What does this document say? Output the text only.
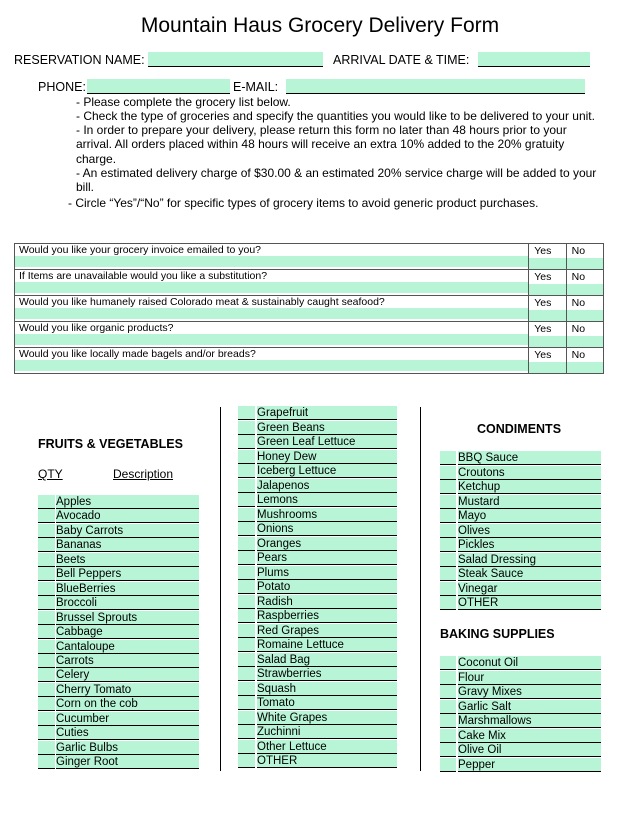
Mountain Haus Grocery Delivery Form
RESERVATION NAME:	ARRIVAL DATE & TIME:
PHONE:	E-MAIL:
- Please complete the grocery list below.
- Check the type of groceries and specify the quantities you would like to be delivered to your unit.
- In order to prepare your delivery, please return this form no later than 48 hours prior to your
arrival. All orders placed within 48 hours will receive an extra 10% added to the 20% gratuity
charge.
- An estimated delivery charge of $30.00 & an estimated 20% service charge will be added to your
bill.
- Circle “Yes”/“No” for specific types of grocery items to avoid generic product purchases.
Would you like your grocery invoice emailed to you?	Yes	No

If Items are unavailable would you like a substitution?	Yes	No

Would you like humanely raised Colorado meat & sustainably caught seafood?	Yes	No

Would you like organic products?	Yes	No

Would you like locally made bagels and/or breads?	Yes	No
FRUITS & VEGETABLES
QTY	Description
Apples
Avocado
Baby Carrots
Bananas
Beets
Bell Peppers
BlueBerries
Broccoli
Brussel Sprouts
Cabbage
Cantaloupe
Carrots
Celery
Cherry Tomato
Corn on the cob
Cucumber
Cuties
Garlic Bulbs
Ginger Root
Grapefruit
Green Beans
Green Leaf Lettuce
Honey Dew
Iceberg Lettuce
Jalapenos
Lemons
Mushrooms
Onions
Oranges
Pears
Plums
Potato
Radish
Raspberries
Red Grapes
Romaine Lettuce
Salad Bag
Strawberries
Squash
Tomato
White Grapes
Zuchinni
Other Lettuce
OTHER
CONDIMENTS
BBQ Sauce
Croutons
Ketchup
Mustard
Mayo
Olives
Pickles
Salad Dressing
Steak Sauce
Vinegar
OTHER
BAKING SUPPLIES
Coconut Oil
Flour
Gravy Mixes
Garlic Salt
Marshmallows
Cake Mix
Olive Oil
Pepper
